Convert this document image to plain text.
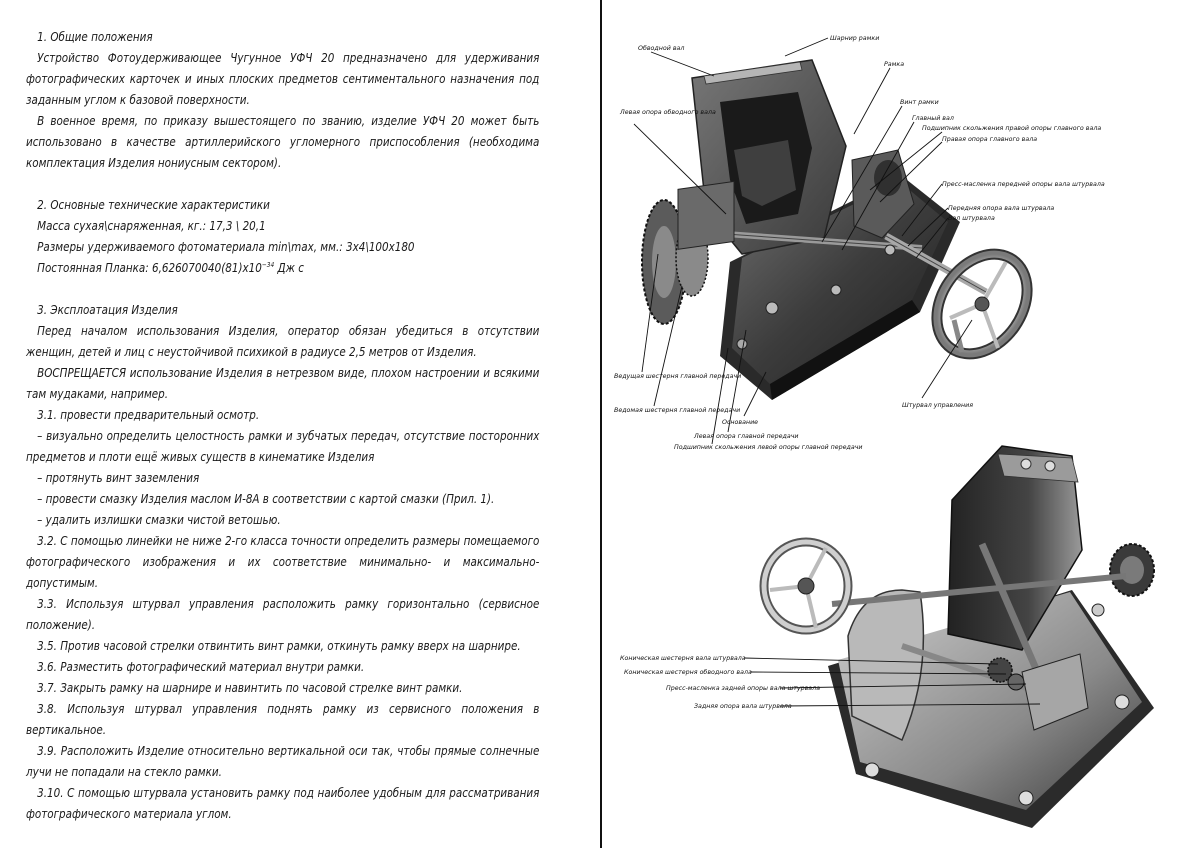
1. Общие положения

Устройство Фотоудерживающее Чугунное УФЧ 20 предназначено для удерживания фотографических карточек и иных плоских предметов сентиментального назначения под заданным углом к базовой поверхности.

В военное время, по приказу вышестоящего по званию, изделие УФЧ 20 может быть использовано в качестве артиллерийского угломерного приспособления (необходима комплектация Изделия нониусным сектором).

2. Основные технические характеристики

Масса сухая\снаряженная, кг.: 17,3 \ 20,1

Размеры удерживаемого фотоматериала min\max, мм.: 3x4\100x180

Постоянная Планка: $6,626070040(81)x10^{-34}$ Дж с

3. Эксплоатация Изделия

Перед началом использования Изделия, оператор обязан убедиться в отсутствии женщин, детей и лиц с неустойчивой психикой в радиусе 2,5 метров от Изделия.

ВОСПРЕЩАЕТСЯ использование Изделия в нетрезвом виде, плохом настроении и всякими там мудаками, например.

3.1. провести предварительный осмотр.

– визуально определить целостность рамки и зубчатых передач, отсутствие посторонних предметов и плоти ещё живых существ в кинематике Изделия

– протянуть винт заземления

– провести смазку Изделия маслом И-8А в соответствии с картой смазки (Прил. 1).

– удалить излишки смазки чистой ветошью.

3.2. С помощью линейки не ниже 2-го класса точности определить размеры помещаемого фотографического изображения и их соответствие минимально- и максимально-допустимым.

3.3. Используя штурвал управления расположить рамку горизонтально (сервисное положение).

3.5. Против часовой стрелки отвинтить винт рамки, откинуть рамку вверх на шарнире.

3.6. Разместить фотографический материал внутри рамки.

3.7. Закрыть рамку на шарнире и навинтить по часовой стрелке винт рамки.

3.8. Используя штурвал управления поднять рамку из сервисного положения в вертикальное.

3.9. Расположить Изделие относительно вертикальной оси так, чтобы прямые солнечные лучи не попадали на стекло рамки.

3.10. С помощью штурвала установить рамку под наиболее удобным для рассматривания фотографического материала углом.

Шарнир рамки
Обводной вал
Рамка
Левая опора обводного вала
Винт рамки
Главный вал
Подшипник скольжения правой опоры главного вала
Правая опора главного вала
Пресс-масленка передней опоры вала штурвала
Передняя опора вала штурвала
Вал штурвала
Ведущая шестерня главной передачи
Ведомая шестерня главной передачи
Основание
Левая опора главной передачи
Подшипник скольжения левой опоры главной передачи
Штурвал управления
Коническая шестерня вала штурвала
Коническая шестерня обводного вала
Пресс-масленка задней опоры вала штурвала
Задняя опора вала штурвала
